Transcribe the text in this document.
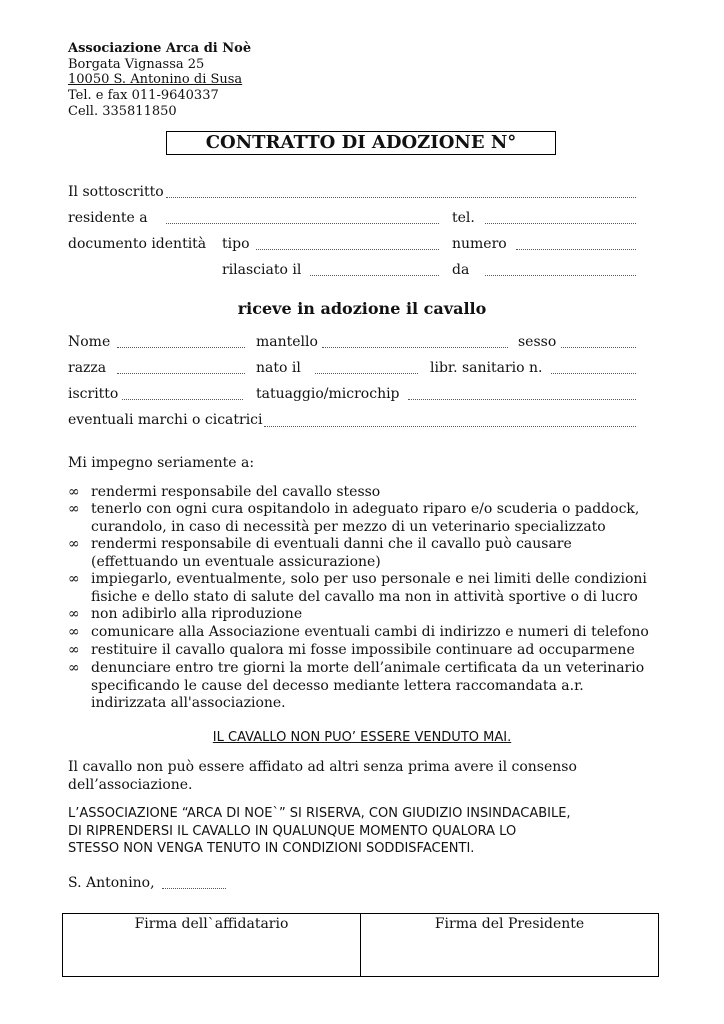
Associazione Arca di Noè
Borgata Vignassa 25
10050 S. Antonino di Susa
Tel. e fax 011-9640337
Cell. 335811850
CONTRATTO DI ADOZIONE N°
Il sottoscritto
residente a	tel.
documento identità tipo	numero
rilasciato il	da
riceve in adozione il cavallo
Nome	mantello	sesso
razza	nato il	libr. sanitario n.
iscritto	tatuaggio/microchip
eventuali marchi o cicatrici
Mi impegno seriamente a:
∞ rendermi responsabile del cavallo stesso
∞ tenerlo con ogni cura ospitandolo in adeguato riparo e/o scuderia o paddock,
curandolo, in caso di necessità per mezzo di un veterinario specializzato
∞ rendermi responsabile di eventuali danni che il cavallo può causare
(effettuando un eventuale assicurazione)
∞ impiegarlo, eventualmente, solo per uso personale e nei limiti delle condizioni
fisiche e dello stato di salute del cavallo ma non in attività sportive o di lucro
∞ non adibirlo alla riproduzione
∞ comunicare alla Associazione eventuali cambi di indirizzo e numeri di telefono
∞ restituire il cavallo qualora mi fosse impossibile continuare ad occuparmene
∞ denunciare entro tre giorni la morte dell’animale certificata da un veterinario
specificando le cause del decesso mediante lettera raccomandata a.r.
indirizzata all'associazione.
IL CAVALLO NON PUO’ ESSERE VENDUTO MAI.
Il cavallo non può essere affidato ad altri senza prima avere il consenso
dell’associazione.
L’ASSOCIAZIONE “ARCA DI NOE`” SI RISERVA, CON GIUDIZIO INSINDACABILE,
DI RIPRENDERSI IL CAVALLO IN QUALUNQUE MOMENTO QUALORA LO
STESSO NON VENGA TENUTO IN CONDIZIONI SODDISFACENTI.
S. Antonino,
Firma dell`affidatario	Firma del Presidente
